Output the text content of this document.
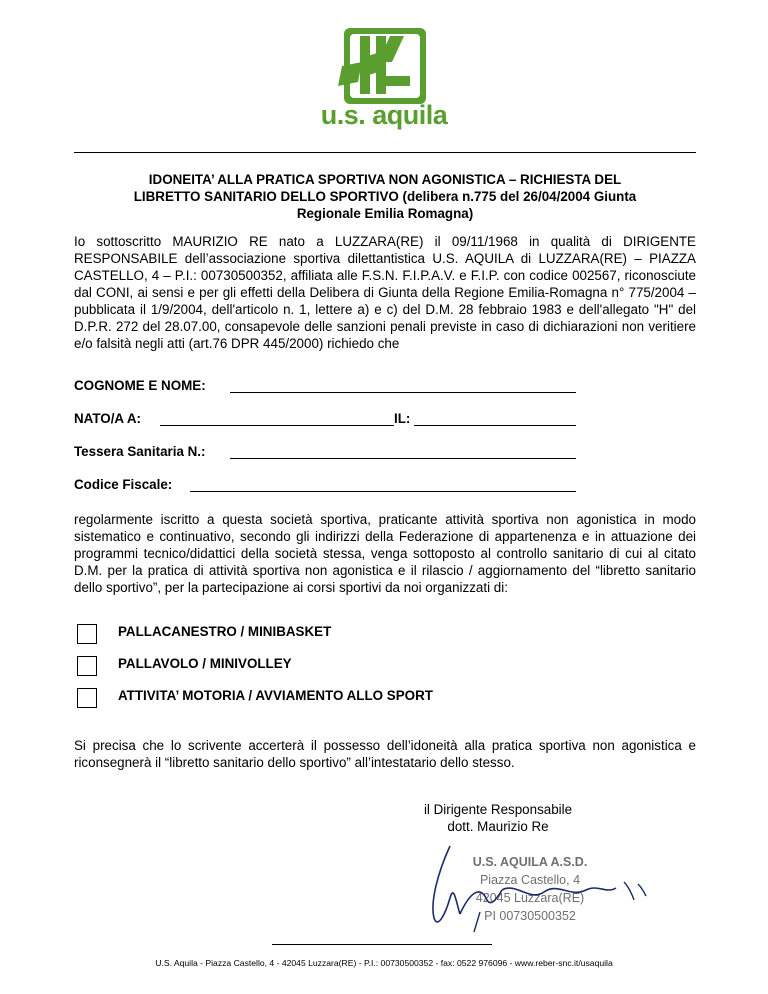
u.s. aquila
IDONEITA’ ALLA PRATICA SPORTIVA NON AGONISTICA – RICHIESTA DEL
LIBRETTO SANITARIO DELLO SPORTIVO (delibera n.775 del 26/04/2004 Giunta
Regionale Emilia Romagna)
Io sottoscritto MAURIZIO RE nato a LUZZARA(RE) il 09/11/1968 in qualità di DIRIGENTE RESPONSABILE dell’associazione sportiva dilettantistica U.S. AQUILA di LUZZARA(RE) – PIAZZA CASTELLO, 4 – P.I.: 00730500352, affiliata alle F.S.N. F.I.P.A.V. e F.I.P. con codice 002567, riconosciute dal CONI, ai sensi e per gli effetti della Delibera di Giunta della Regione Emilia-Romagna n° 775/2004 – pubblicata il 1/9/2004, dell'articolo n. 1, lettere a) e c) del D.M. 28 febbraio 1983 e dell'allegato "H" del D.P.R. 272 del 28.07.00, consapevole delle sanzioni penali previste in caso di dichiarazioni non veritiere e/o falsità negli atti (art.76 DPR 445/2000) richiedo che
COGNOME E NOME:
NATO/A A:	IL:
Tessera Sanitaria N.:
Codice Fiscale:
regolarmente iscritto a questa società sportiva, praticante attività sportiva non agonistica in modo sistematico e continuativo, secondo gli indirizzi della Federazione di appartenenza e in attuazione dei programmi tecnico/didattici della società stessa, venga sottoposto al controllo sanitario di cui al citato D.M. per la pratica di attività sportiva non agonistica e il rilascio / aggiornamento del “libretto sanitario dello sportivo”, per la partecipazione ai corsi sportivi da noi organizzati di:
PALLACANESTRO / MINIBASKET
PALLAVOLO / MINIVOLLEY
ATTIVITA’ MOTORIA / AVVIAMENTO ALLO SPORT
Si precisa che lo scrivente accerterà il possesso dell’idoneità alla pratica sportiva non agonistica e riconsegnerà il “libretto sanitario dello sportivo” all’intestatario dello stesso.
il Dirigente Responsabile
dott. Maurizio Re
U.S. AQUILA A.S.D.
Piazza Castello, 4
42045 Luzzara(RE)
PI 00730500352
U.S. Aquila - Piazza Castello, 4 - 42045 Luzzara(RE) - P.I.: 00730500352 - fax: 0522 976096 - www.reber-snc.it/usaquila
